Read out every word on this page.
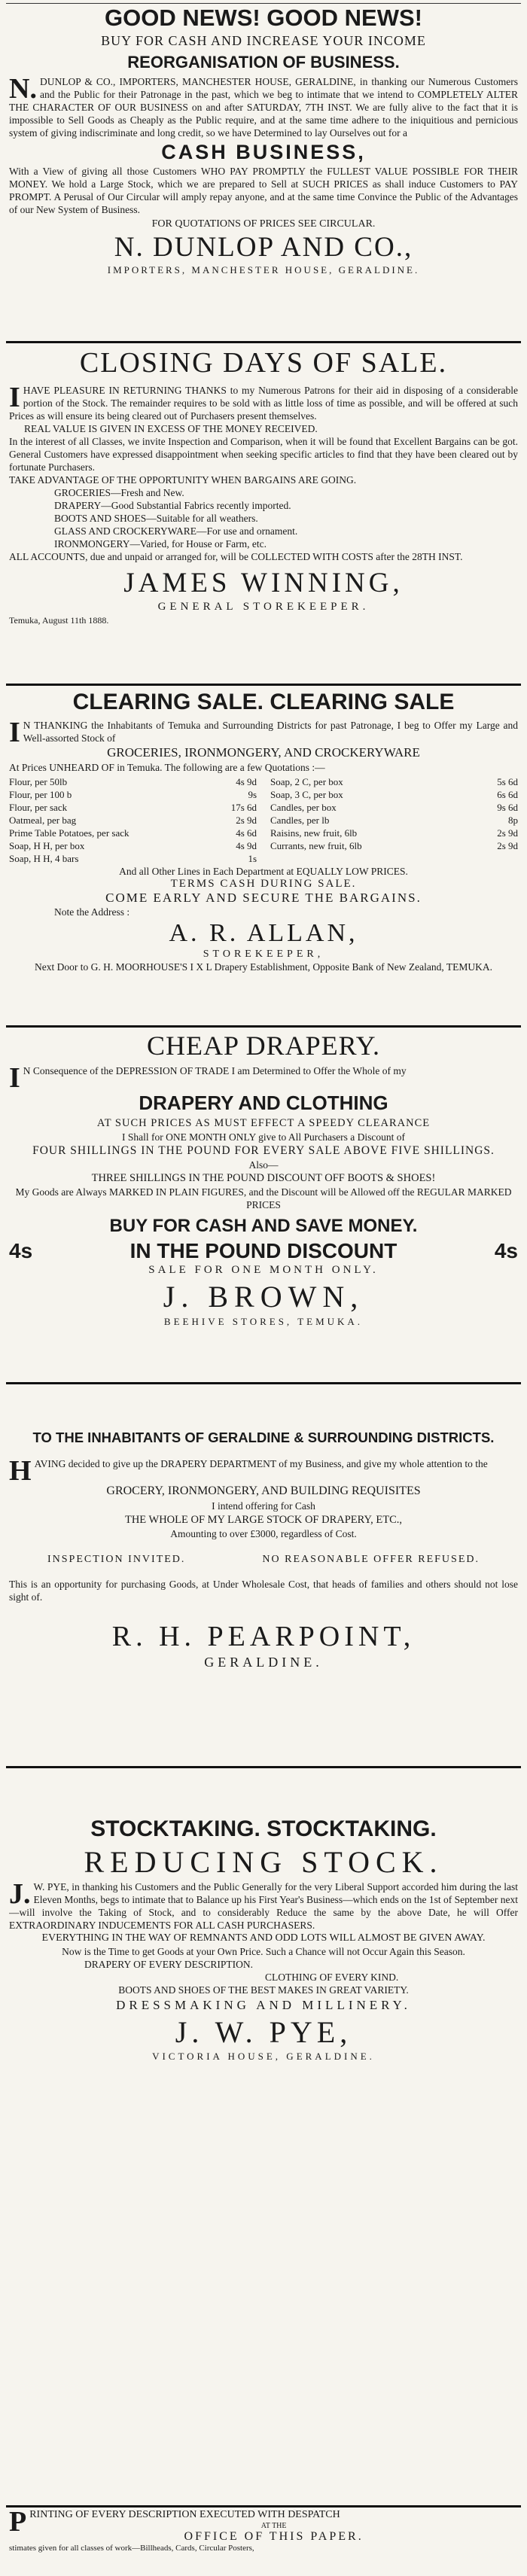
GOOD NEWS! GOOD NEWS!
BUY FOR CASH AND INCREASE YOUR INCOME
REORGANISATION OF BUSINESS.

N. DUNLOP & CO., IMPORTERS, MANCHESTER HOUSE, GERALDINE, in thanking our Numerous Customers and the Public for their Patronage in the past, which we beg to intimate that we intend to COMPLETELY ALTER THE CHARACTER OF OUR BUSINESS on and after SATURDAY, 7TH INST. We are fully alive to the fact that it is impossible to Sell Goods as Cheaply as the Public require, and at the same time adhere to the iniquitious and pernicious system of giving indiscriminate and long credit, so we have Determined to lay Ourselves out for a

CASH BUSINESS,

With a View of giving all those Customers WHO PAY PROMPTLY the FULLEST VALUE POSSIBLE FOR THEIR MONEY. We hold a Large Stock, which we are prepared to Sell at SUCH PRICES as shall induce Customers to PAY PROMPT. A Perusal of Our Circular will amply repay anyone, and at the same time Convince the Public of the Advantages of our New System of Business.

FOR QUOTATIONS OF PRICES SEE CIRCULAR.
N. DUNLOP AND CO.,
IMPORTERS, MANCHESTER HOUSE, GERALDINE.
CLOSING DAYS OF SALE.

IHAVE PLEASURE IN RETURNING THANKS to my Numerous Patrons for their aid in disposing of a considerable portion of the Stock. The remainder requires to be sold with as little loss of time as possible, and will be offered at such Prices as will ensure its being cleared out of Purchasers present themselves.

REAL VALUE IS GIVEN IN EXCESS OF THE MONEY RECEIVED.

In the interest of all Classes, we invite Inspection and Comparison, when it will be found that Excellent Bargains can be got. General Customers have expressed disappointment when seeking specific articles to find that they have been cleared out by fortunate Purchasers.

TAKE ADVANTAGE OF THE OPPORTUNITY WHEN BARGAINS ARE GOING.
GROCERIES—Fresh and New.
DRAPERY—Good Substantial Fabrics recently imported.
BOOTS AND SHOES—Suitable for all weathers.
GLASS AND CROCKERYWARE—For use and ornament.
IRONMONGERY—Varied, for House or Farm, etc.

ALL ACCOUNTS, due and unpaid or arranged for, will be COLLECTED WITH COSTS after the 28TH INST.

JAMES WINNING,
GENERAL STOREKEEPER.
Temuka, August 11th 1888.
CLEARING SALE. CLEARING SALE

I N THANKING the Inhabitants of Temuka and Surrounding Districts for past Patronage, I beg to Offer my Large and Well-assorted Stock of

GROCERIES, IRONMONGERY, AND CROCKERYWARE
At Prices UNHEARD OF in Temuka. The following are a few Quotations :—
Flour, per 50lb	4s 9d
Flour, per 100 b	9s
Flour, per sack	17s 6d
Oatmeal, per bag	2s 9d
Prime Table Potatoes, per sack	4s 6d
Soap, H H, per box	4s 9d
Soap, H H, 4 bars	1s
Soap, 2 C, per box	5s 6d
Soap, 3 C, per box	6s 6d
Candles, per box	9s 6d
Candles, per lb	8p
Raisins, new fruit, 6lb	2s 9d
Currants, new fruit, 6lb	2s 9d
And all Other Lines in Each Department at EQUALLY LOW PRICES.
TERMS CASH DURING SALE.
COME EARLY AND SECURE THE BARGAINS.
Note the Address :
A. R. ALLAN,
STOREKEEPER,
Next Door to G. H. MOORHOUSE'S I X L Drapery Establishment, Opposite Bank of New Zealand, TEMUKA.
CHEAP DRAPERY.

I N Consequence of the DEPRESSION OF TRADE I am Determined to Offer the Whole of my

DRAPERY AND CLOTHING
AT SUCH PRICES AS MUST EFFECT A SPEEDY CLEARANCE
I Shall for ONE MONTH ONLY give to All Purchasers a Discount of
FOUR SHILLINGS IN THE POUND FOR EVERY SALE ABOVE FIVE SHILLINGS.
Also—
THREE SHILLINGS IN THE POUND DISCOUNT OFF BOOTS & SHOES!
My Goods are Always MARKED IN PLAIN FIGURES, and the Discount will be Allowed off the REGULAR MARKED PRICES
BUY FOR CASH AND SAVE MONEY.
4s	IN THE POUND DISCOUNT	4s
SALE FOR ONE MONTH ONLY.
J. BROWN,
BEEHIVE STORES, TEMUKA.
TO THE INHABITANTS OF GERALDINE & SURROUNDING DISTRICTS.

HAVING decided to give up the DRAPERY DEPARTMENT of my Business, and give my whole attention to the

GROCERY, IRONMONGERY, AND BUILDING REQUISITES
I intend offering for Cash
THE WHOLE OF MY LARGE STOCK OF DRAPERY, ETC.,
Amounting to over £3000, regardless of Cost.
INSPECTION INVITED.	NO REASONABLE OFFER REFUSED.

This is an opportunity for purchasing Goods, at Under Wholesale Cost, that heads of families and others should not lose sight of.

R. H. PEARPOINT,
GERALDINE.
STOCKTAKING. STOCKTAKING.
REDUCING STOCK.

J. W. PYE, in thanking his Customers and the Public Generally for the very Liberal Support accorded him during the last Eleven Months, begs to intimate that to Balance up his First Year's Business—which ends on the 1st of September next—will involve the Taking of Stock, and to considerably Reduce the same by the above Date, he will Offer EXTRAORDINARY INDUCEMENTS FOR ALL CASH PURCHASERS.

EVERYTHING IN THE WAY OF REMNANTS AND ODD LOTS WILL ALMOST BE GIVEN AWAY.
Now is the Time to get Goods at your Own Price. Such a Chance will not Occur Again this Season.
DRAPERY OF EVERY DESCRIPTION.
CLOTHING OF EVERY KIND.
BOOTS AND SHOES OF THE BEST MAKES IN GREAT VARIETY.
DRESSMAKING AND MILLINERY.
J. W. PYE,
VICTORIA HOUSE, GERALDINE.

PRINTING OF EVERY DESCRIPTION EXECUTED WITH DESPATCH

AT THE
OFFICE OF THIS PAPER.
stimates given for all classes of work—Billheads, Cards, Circular Posters,
